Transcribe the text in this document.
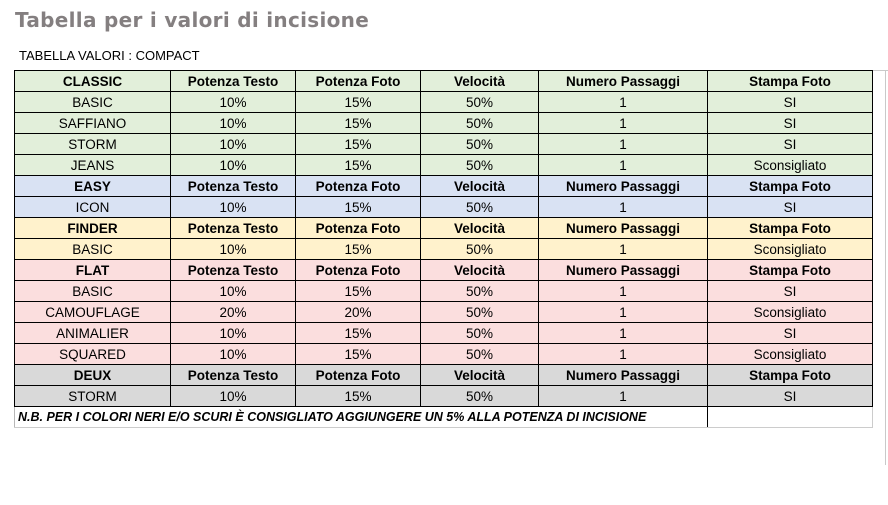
Tabella per i valori di incisione
TABELLA VALORI : COMPACT
CLASSIC	Potenza Testo	Potenza Foto	Velocità	Numero Passaggi	Stampa Foto
BASIC	10%	15%	50%	1	SI
SAFFIANO	10%	15%	50%	1	SI
STORM	10%	15%	50%	1	SI
JEANS	10%	15%	50%	1	Sconsigliato
EASY	Potenza Testo	Potenza Foto	Velocità	Numero Passaggi	Stampa Foto
ICON	10%	15%	50%	1	SI
FINDER	Potenza Testo	Potenza Foto	Velocità	Numero Passaggi	Stampa Foto
BASIC	10%	15%	50%	1	Sconsigliato
FLAT	Potenza Testo	Potenza Foto	Velocità	Numero Passaggi	Stampa Foto
BASIC	10%	15%	50%	1	SI
CAMOUFLAGE	20%	20%	50%	1	Sconsigliato
ANIMALIER	10%	15%	50%	1	SI
SQUARED	10%	15%	50%	1	Sconsigliato
DEUX	Potenza Testo	Potenza Foto	Velocità	Numero Passaggi	Stampa Foto
STORM	10%	15%	50%	1	SI
N.B. PER I COLORI NERI E/O SCURI È CONSIGLIATO AGGIUNGERE UN 5% ALLA POTENZA DI INCISIONE					
